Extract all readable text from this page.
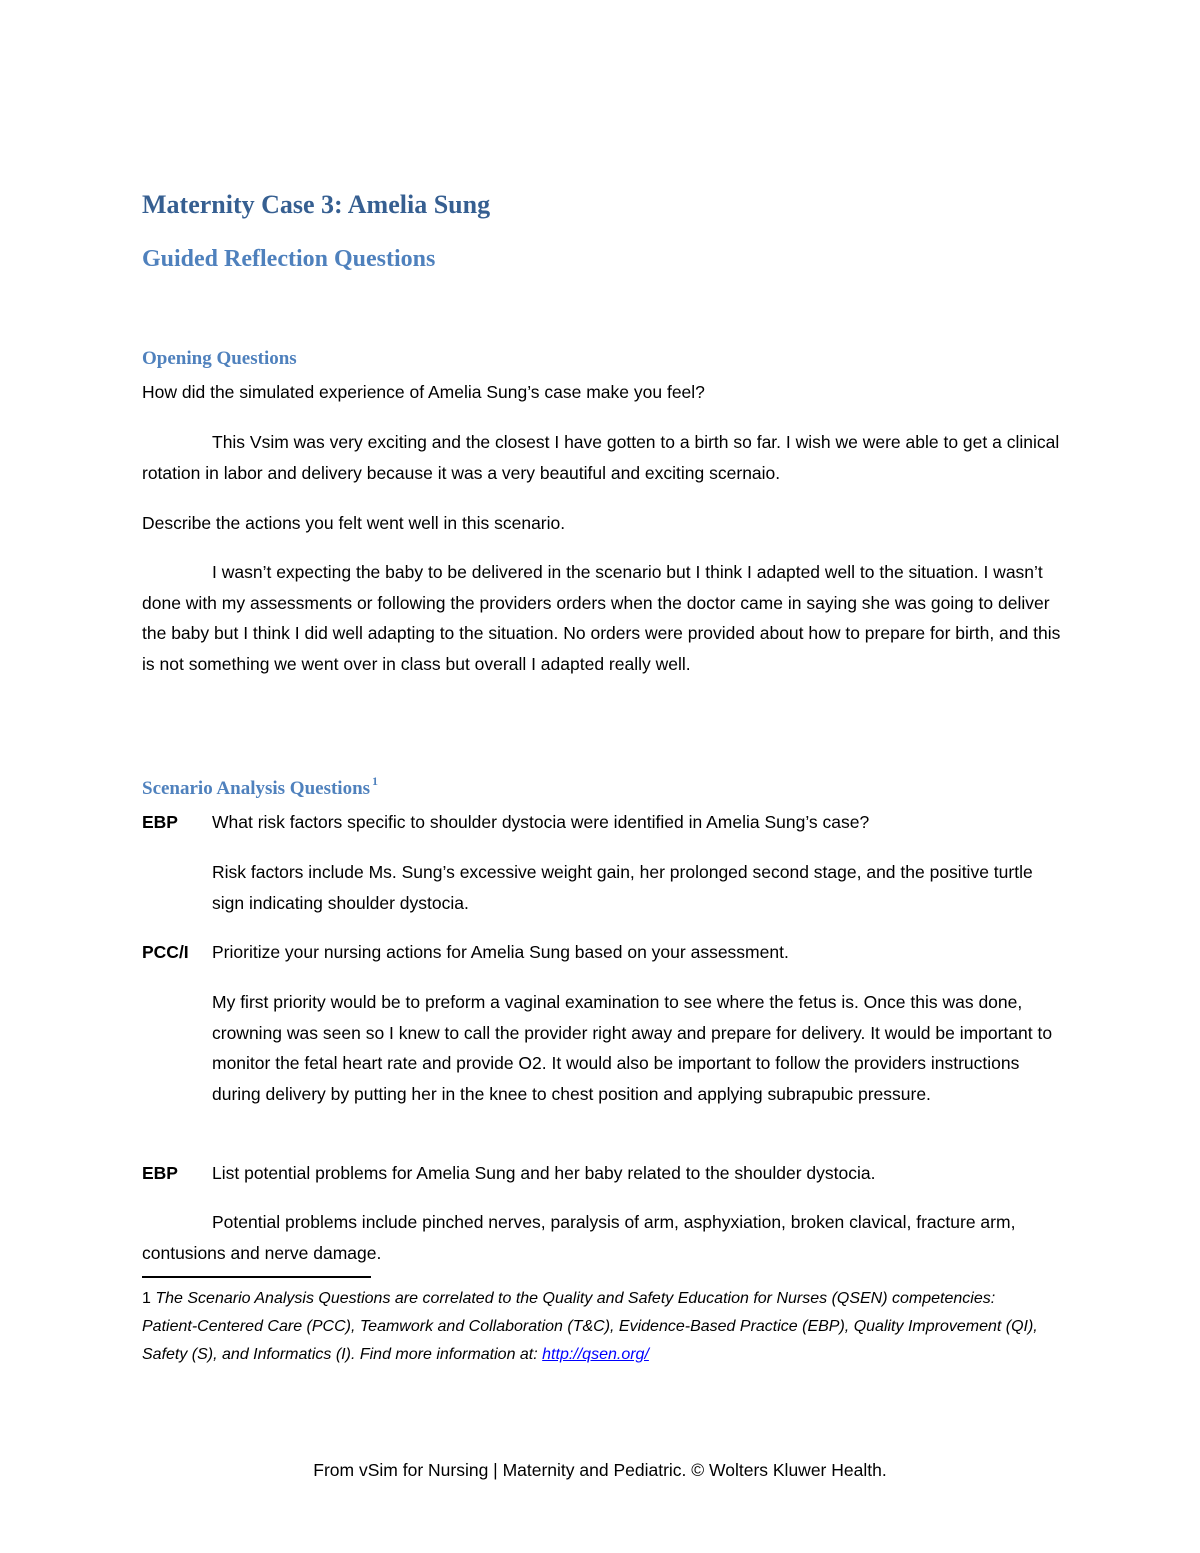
Maternity Case 3: Amelia Sung
Guided Reflection Questions
Opening Questions

How did the simulated experience of Amelia Sung’s case make you feel?

This Vsim was very exciting and the closest I have gotten to a birth so far. I wish we were able to get a clinical rotation in labor and delivery because it was a very beautiful and exciting scernaio.

Describe the actions you felt went well in this scenario.

I wasn’t expecting the baby to be delivered in the scenario but I think I adapted well to the situation. I wasn’t done with my assessments or following the providers orders when the doctor came in saying she was going to deliver the baby but I think I did well adapting to the situation. No orders were provided about how to prepare for birth, and this is not something we went over in class but overall I adapted really well.

Scenario Analysis Questions $^1$
EBP	What risk factors specific to shoulder dystocia were identified in Amelia Sung’s case?

Risk factors include Ms. Sung’s excessive weight gain, her prolonged second stage, and the positive turtle sign indicating shoulder dystocia.

PCC/I	Prioritize your nursing actions for Amelia Sung based on your assessment.

My first priority would be to preform a vaginal examination to see where the fetus is. Once this was done, crowning was seen so I knew to call the provider right away and prepare for delivery. It would be important to monitor the fetal heart rate and provide O2. It would also be important to follow the providers instructions during delivery by putting her in the knee to chest position and applying subrapubic pressure.

EBP	List potential problems for Amelia Sung and her baby related to the shoulder dystocia.

Potential problems include pinched nerves, paralysis of arm, asphyxiation, broken clavical, fracture arm, contusions and nerve damage.

1 The Scenario Analysis Questions are correlated to the Quality and Safety Education for Nurses (QSEN) competencies: Patient-Centered Care (PCC), Teamwork and Collaboration (T&C), Evidence-Based Practice (EBP), Quality Improvement (QI), Safety (S), and Informatics (I). Find more information at: http://qsen.org/

From vSim for Nursing | Maternity and Pediatric. © Wolters Kluwer Health.
